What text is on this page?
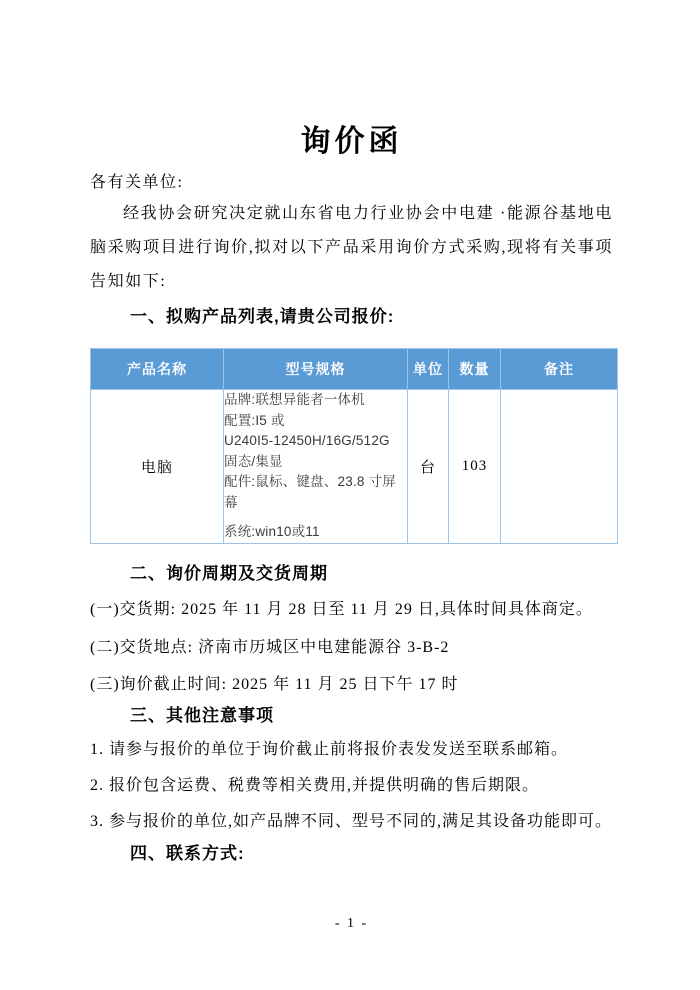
询价函
各有关单位:

经我协会研究决定就山东省电力行业协会中电建 ·能源谷基地电脑采购项目进行询价,拟对以下产品采用询价方式采购,现将有关事项告知如下:

一、拟购产品列表,请贵公司报价:
产品名称	型号规格	单位	数量	备注
电脑	品牌:联想异能者一体机
配置:I5 或
U240I5-12450H/16G/512G 固态/集显
配件:鼠标、键盘、23.8 寸屏幕
系统:win10或11	台	103	
二、询价周期及交货周期
(一)交货期: 2025 年 11 月 28 日至 11 月 29 日,具体时间具体商定。
(二)交货地点: 济南市历城区中电建能源谷 3-B-2
(三)询价截止时间: 2025 年 11 月 25 日下午 17 时
三、其他注意事项
1. 请参与报价的单位于询价截止前将报价表发发送至联系邮箱。
2. 报价包含运费、税费等相关费用,并提供明确的售后期限。
3. 参与报价的单位,如产品牌不同、型号不同的,满足其设备功能即可。
四、联系方式:
- 1 -
